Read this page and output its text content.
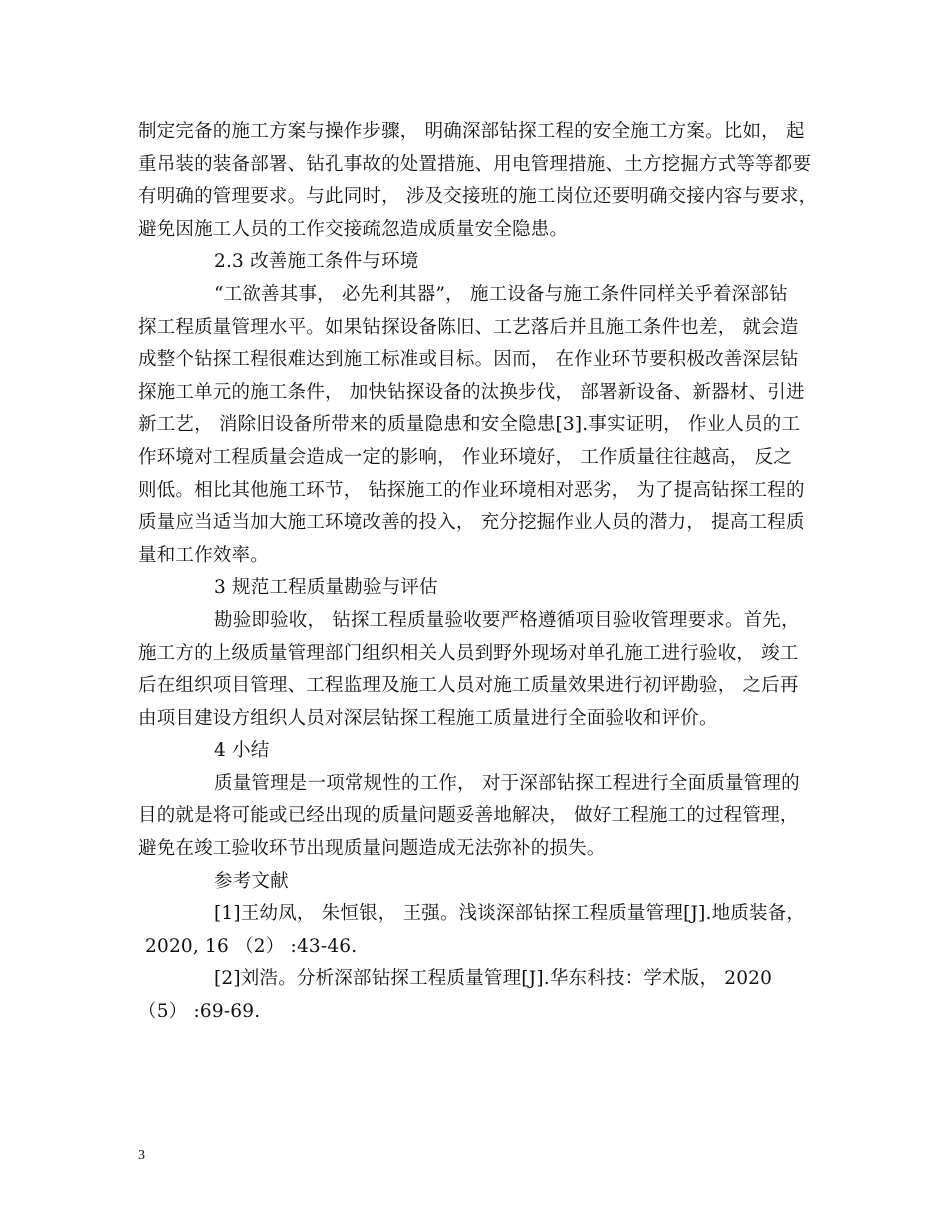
制定完备的施工方案与操作步骤， 明确深部钻探工程的安全施工方案。比如， 起
重吊装的装备部署、钻孔事故的处置措施、用电管理措施、土方挖掘方式等等都要
有明确的管理要求。与此同时， 涉及交接班的施工岗位还要明确交接内容与要求，
避免因施工人员的工作交接疏忽造成质量安全隐患。
2.3 改善施工条件与环境
“工欲善其事， 必先利其器”， 施工设备与施工条件同样关乎着深部钻
探工程质量管理水平。如果钻探设备陈旧、工艺落后并且施工条件也差， 就会造
成整个钻探工程很难达到施工标准或目标。因而， 在作业环节要积极改善深层钻
探施工单元的施工条件， 加快钻探设备的汰换步伐， 部署新设备、新器材、引进
新工艺， 消除旧设备所带来的质量隐患和安全隐患[3].事实证明， 作业人员的工
作环境对工程质量会造成一定的影响， 作业环境好， 工作质量往往越高， 反之
则低。相比其他施工环节， 钻探施工的作业环境相对恶劣， 为了提高钻探工程的
质量应当适当加大施工环境改善的投入， 充分挖掘作业人员的潜力， 提高工程质
量和工作效率。
3 规范工程质量勘验与评估
勘验即验收， 钻探工程质量验收要严格遵循项目验收管理要求。首先，
施工方的上级质量管理部门组织相关人员到野外现场对单孔施工进行验收， 竣工
后在组织项目管理、工程监理及施工人员对施工质量效果进行初评勘验， 之后再
由项目建设方组织人员对深层钻探工程施工质量进行全面验收和评价。
4 小结
质量管理是一项常规性的工作， 对于深部钻探工程进行全面质量管理的
目的就是将可能或已经出现的质量问题妥善地解决， 做好工程施工的过程管理，
避免在竣工验收环节出现质量问题造成无法弥补的损失。
参考文献
[1]王幼凤， 朱恒银， 王强。浅谈深部钻探工程质量管理[J].地质装备，
2020, 16 （2） :43-46.
[2]刘浩。分析深部钻探工程质量管理[J].华东科技：学术版， 2020
（5） :69-69.
3
